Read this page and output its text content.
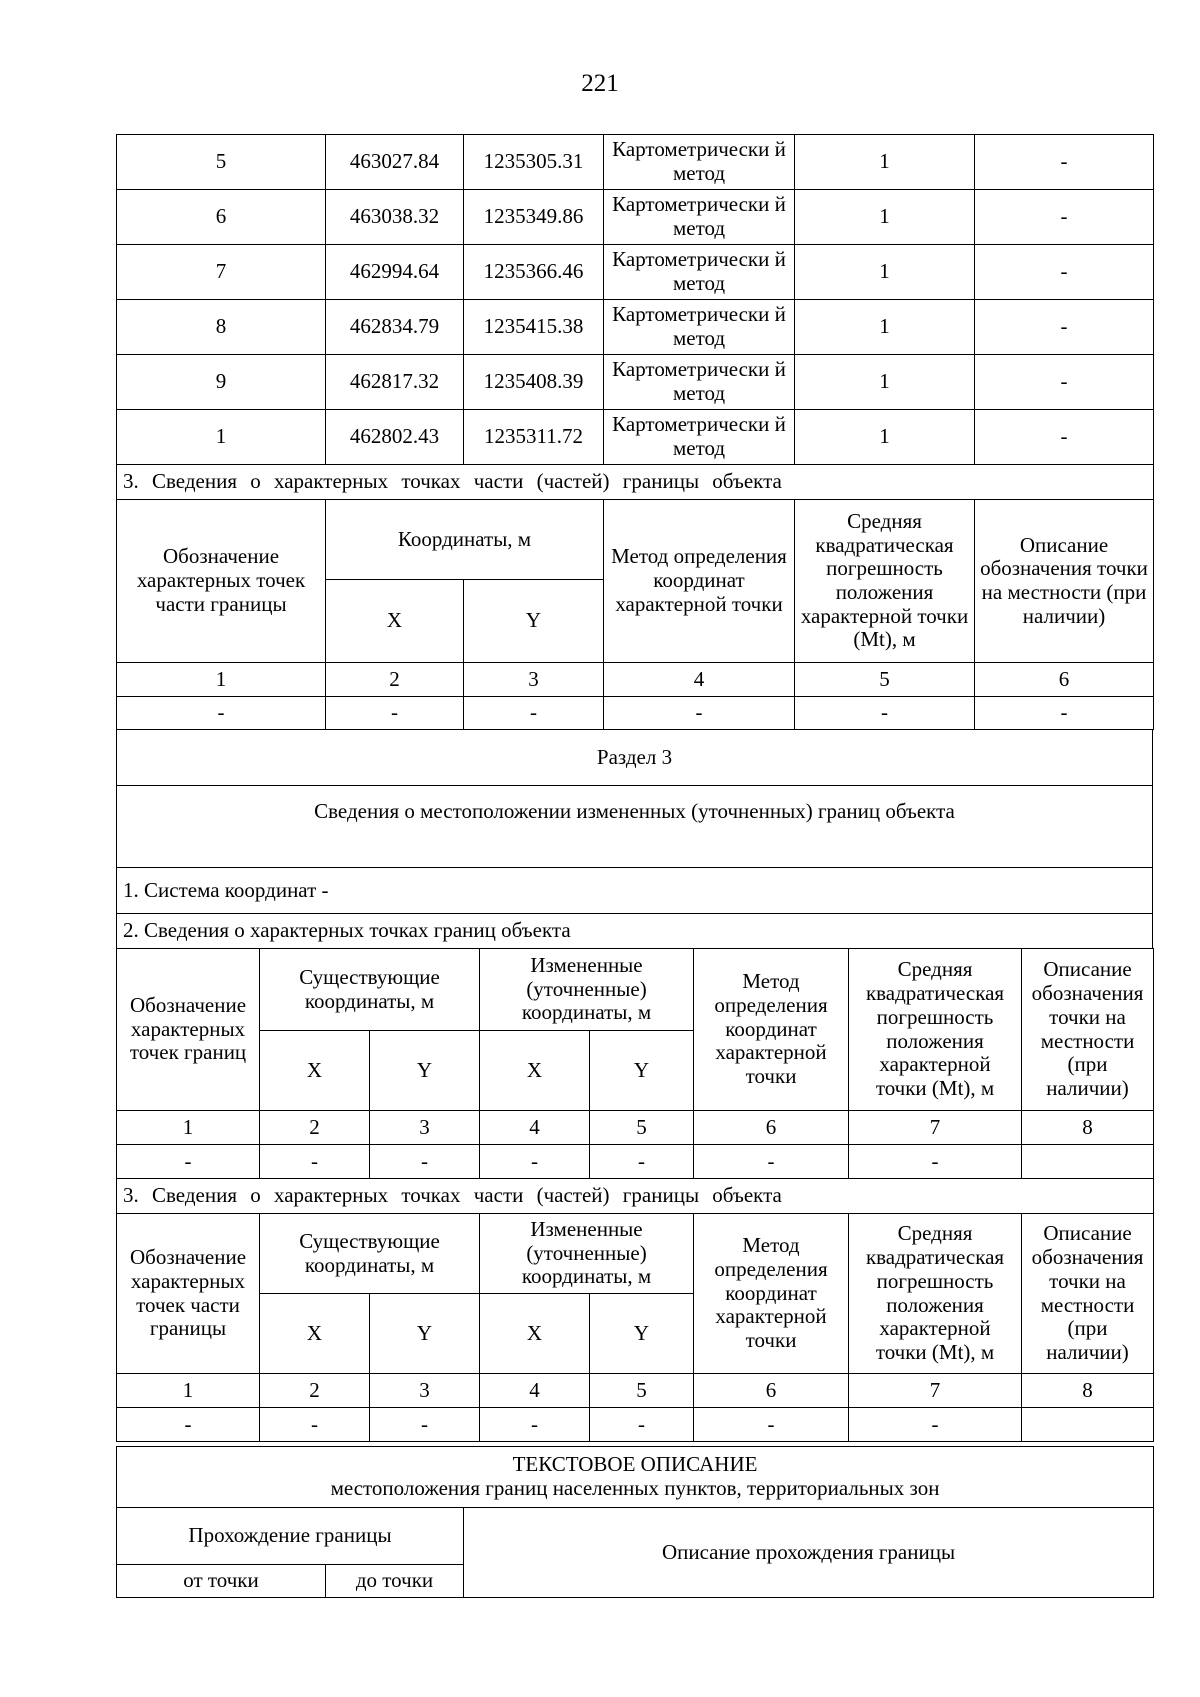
221
5	463027.84	1235305.31	Картометрически й метод	1	-
6	463038.32	1235349.86	Картометрически й метод	1	-
7	462994.64	1235366.46	Картометрически й метод	1	-
8	462834.79	1235415.38	Картометрически й метод	1	-
9	462817.32	1235408.39	Картометрически й метод	1	-
1	462802.43	1235311.72	Картометрически й метод	1	-
3. Сведения о характерных точках части (частей) границы объекта					
Обозначение характерных точек части границы	Координаты, м		Метод определения координат характерной точки	Средняя квадратическая погрешность положения характерной точки (Mt), м	Описание обозначения точки на местности (при наличии)
	X	Y			
1	2	3	4	5	6
-	-	-	-	-	-
Раздел 3
Сведения о местоположении измененных (уточненных) границ объекта
1. Система координат -
2. Сведения о характерных точках границ объекта
Обозначение характерных точек границ	Существующие координаты, м		Измененные (уточненные) координаты, м		Метод определения координат характерной точки	Средняя квадратическая погрешность положения характерной точки (Mt), м	Описание обозначения точки на местности (при наличии)
	X	Y	X	Y			
1	2	3	4	5	6	7	8
-	-	-	-	-	-	-	
3. Сведения о характерных точках части (частей) границы объекта							
Обозначение характерных точек части границы	Существующие координаты, м		Измененные (уточненные) координаты, м		Метод определения координат характерной точки	Средняя квадратическая погрешность положения характерной точки (Mt), м	Описание обозначения точки на местности (при наличии)
	X	Y	X	Y			
1	2	3	4	5	6	7	8
-	-	-	-	-	-	-	
ТЕКСТОВОЕ ОПИСАНИЕ
местоположения границ населенных пунктов, территориальных зон		

Прохождение границы		Описание прохождения границы
от точки	до точки	
